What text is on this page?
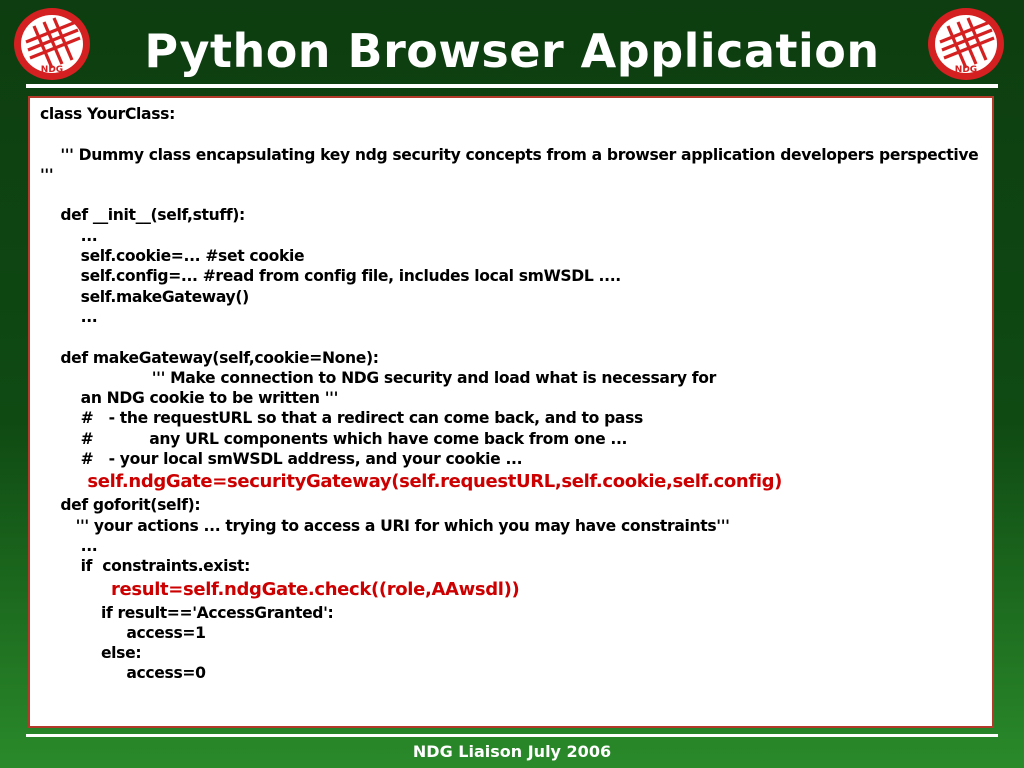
NDG	Python Browser Application	NDG
class YourClass:
''' Dummy class encapsulating key ndg security concepts from a browser application developers perspective '''
def __init__(self,stuff):
...
self.cookie=... #set cookie
self.config=... #read from config file, includes local smWSDL ....
self.makeGateway()
...
def makeGateway(self,cookie=None):
''' Make connection to NDG security and load what is necessary for
an NDG cookie to be written '''
#   - the requestURL so that a redirect can come back, and to pass
#           any URL components which have come back from one ...
#   - your local smWSDL address, and your cookie ...
self.ndgGate=securityGateway(self.requestURL,self.cookie,self.config)
def goforit(self):
''' your actions ... trying to access a URI for which you may have constraints'''
...
if  constraints.exist:
result=self.ndgGate.check((role,AAwsdl))
if result=='AccessGranted':
access=1
else:
access=0
NDG Liaison July 2006
